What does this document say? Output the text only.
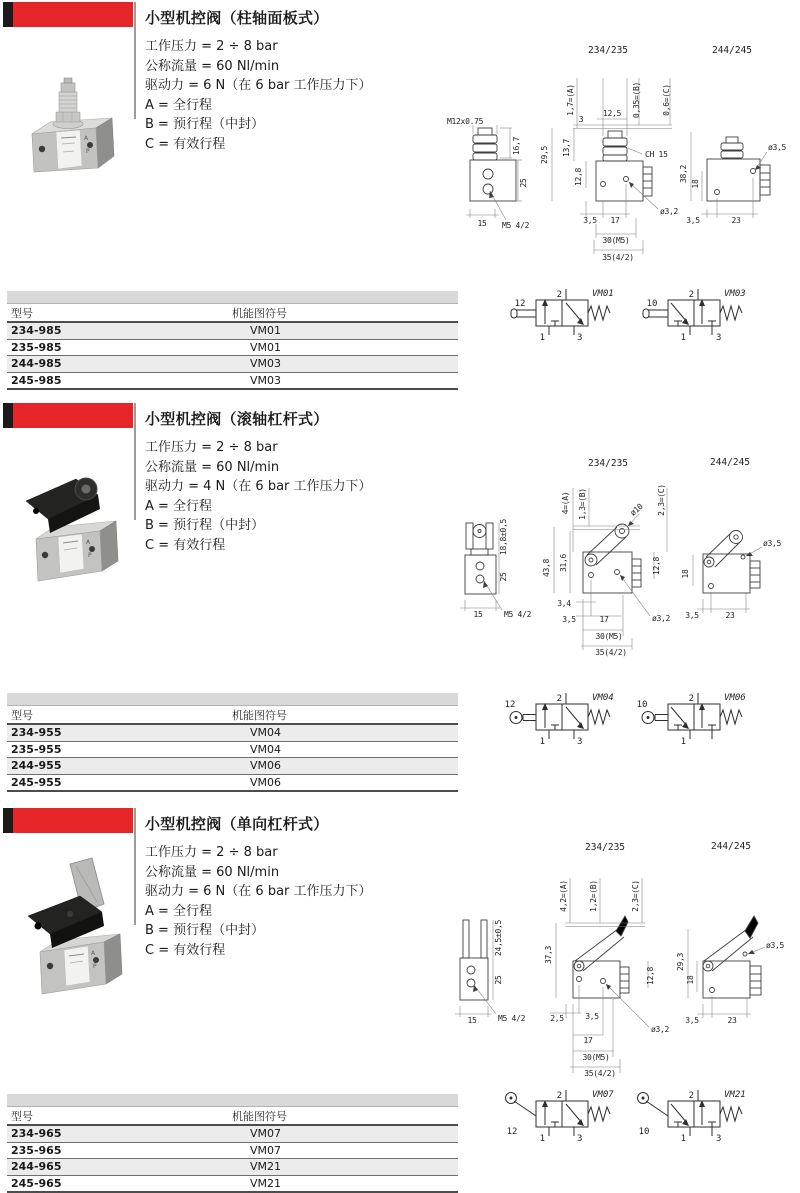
小型机控阀（柱轴面板式）
工作压力 = 2 ÷ 8 bar
公称流量 = 60 Nl/min
驱动力 = 6 N（在 6 bar 工作压力下）
A = 全行程
B = 预行程（中封）
C = 有效行程
A
P
234/235	244/245
M12x0.75
16,7
25
15 M5 4/2
1,7=(A)	12,5 0,35=(B)	0,6=(C)
3
13,7
29,5
12,8
CH 15
3,5 17
ø3,2
30(M5)
35(4/2)
ø3,5
38,2
18
3,5	23
型号	机能图符号
234-985	VM01
235-985	VM01
244-985	VM03
245-985	VM03
12
2
1	3
VM01
10
2
1	3
VM03
小型机控阀（滚轴杠杆式）
工作压力 = 2 ÷ 8 bar
公称流量 = 60 Nl/min
驱动力 = 4 N（在 6 bar 工作压力下）
A = 全行程
B = 预行程（中封）
C = 有效行程
A
P
234/235	244/245
18,8±0,5
25
15	M5 4/2
4=(A) 1,3=(B)	2,3=(C)
ø10
43,8 31,6	12,8
3,4
3,5	17	ø3,2
30(M5)
35(4/2)
ø3,5
18
3,5	23
型号	机能图符号
234-955	VM04
235-955	VM04
244-955	VM06
245-955	VM06
12
2
1	3
VM04
10
2
1
VM06
小型机控阀（单向杠杆式）
工作压力 = 2 ÷ 8 bar
公称流量 = 60 Nl/min
驱动力 = 6 N（在 6 bar 工作压力下）
A = 全行程
B = 预行程（中封）
C = 有效行程
A
P
234/235	244/245
24,5±0,5
25
15	M5 4/2
4,2=(A)	1,2=(B)	2,3=(C)
37,3
12,8
2,5	3,5
17
ø3,2
30(M5)
35(4/2)
ø3,5
29,3
18
3,5	23
型号	机能图符号
234-965	VM07
235-965	VM07
244-965	VM21
245-965	VM21
12
2
1	3
VM07
10
2
1	3
VM21
